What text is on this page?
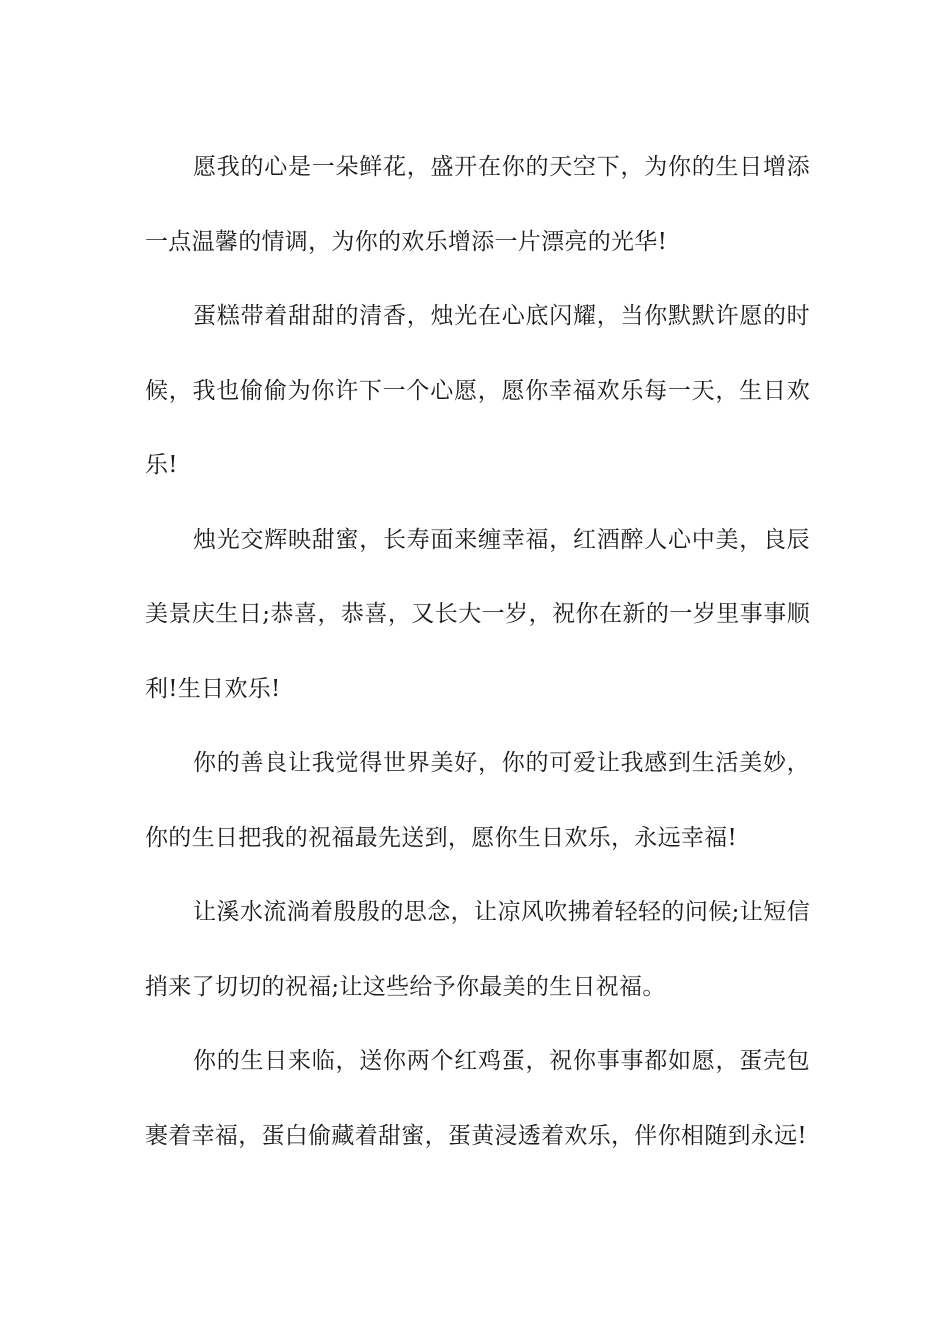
愿我的心是一朵鲜花，盛开在你的天空下，为你的生日增添一点温馨的情调，为你的欢乐增添一片漂亮的光华!

蛋糕带着甜甜的清香，烛光在心底闪耀，当你默默许愿的时候，我也偷偷为你许下一个心愿，愿你幸福欢乐每一天，生日欢乐!

烛光交辉映甜蜜，长寿面来缠幸福，红酒醉人心中美，良辰美景庆生日;恭喜，恭喜，又长大一岁，祝你在新的一岁里事事顺利!生日欢乐!

你的善良让我觉得世界美好，你的可爱让我感到生活美妙，你的生日把我的祝福最先送到，愿你生日欢乐，永远幸福!

让溪水流淌着殷殷的思念，让凉风吹拂着轻轻的问候;让短信捎来了切切的祝福;让这些给予你最美的生日祝福。

你的生日来临，送你两个红鸡蛋，祝你事事都如愿，蛋壳包裹着幸福，蛋白偷藏着甜蜜，蛋黄浸透着欢乐，伴你相随到永远!
